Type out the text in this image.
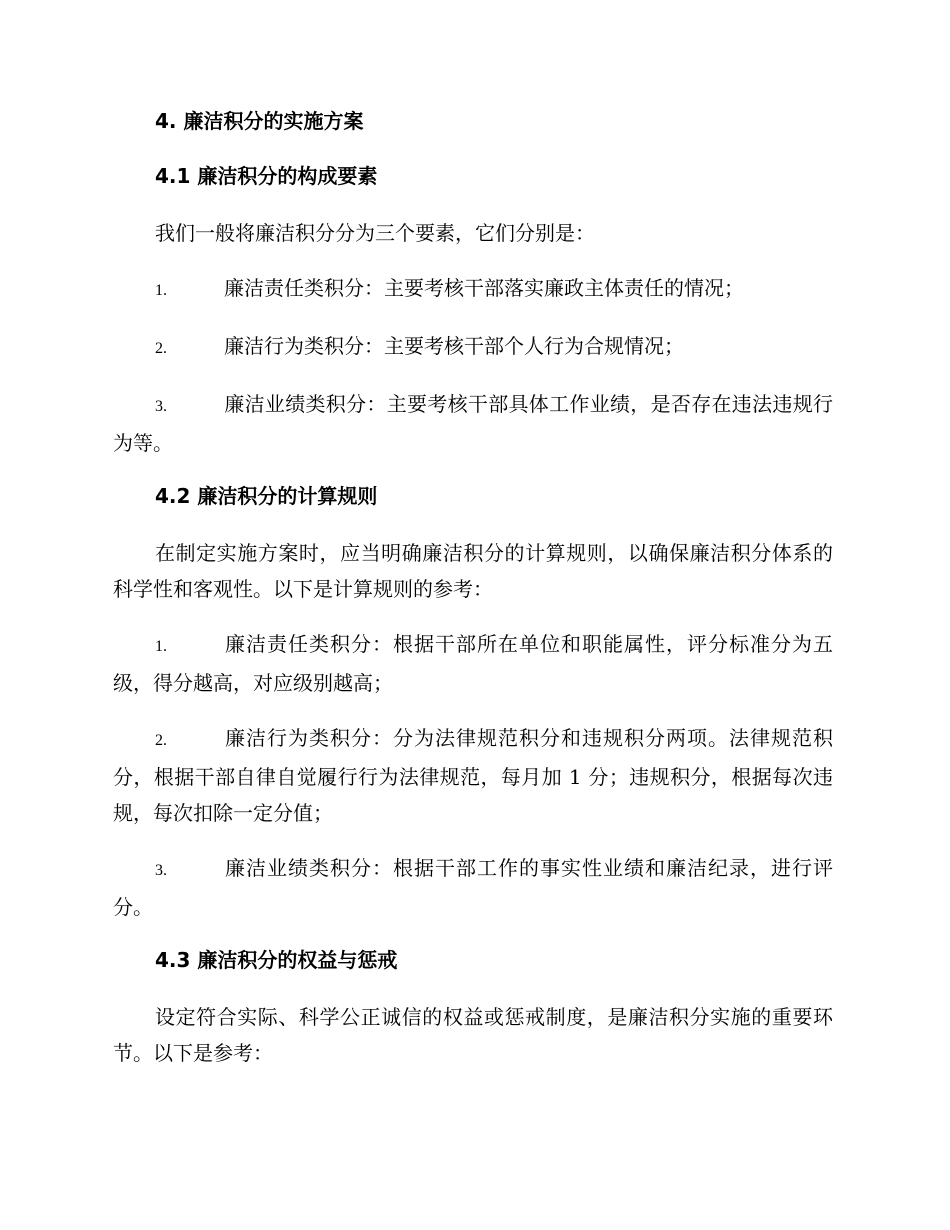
4. 廉洁积分的实施方案
4.1 廉洁积分的构成要素

我们一般将廉洁积分分为三个要素，它们分别是：

1.	廉洁责任类积分：主要考核干部落实廉政主体责任的情况；

2.	廉洁行为类积分：主要考核干部个人行为合规情况；

3.	廉洁业绩类积分：主要考核干部具体工作业绩，是否存在违法违规行为等。

4.2 廉洁积分的计算规则

在制定实施方案时，应当明确廉洁积分的计算规则，以确保廉洁积分体系的科学性和客观性。以下是计算规则的参考：

1.	廉洁责任类积分：根据干部所在单位和职能属性，评分标准分为五级，得分越高，对应级别越高；

2.	廉洁行为类积分：分为法律规范积分和违规积分两项。法律规范积分，根据干部自律自觉履行行为法律规范，每月加 1 分；违规积分，根据每次违规，每次扣除一定分值；

3.	廉洁业绩类积分：根据干部工作的事实性业绩和廉洁纪录，进行评分。

4.3 廉洁积分的权益与惩戒

设定符合实际、科学公正诚信的权益或惩戒制度，是廉洁积分实施的重要环节。以下是参考：
